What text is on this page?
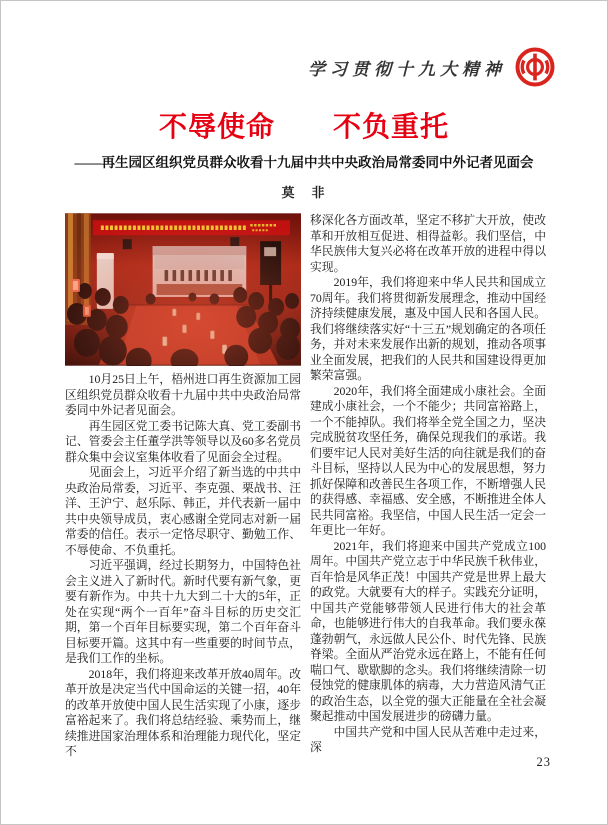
学习贯彻十九大精神
不辱使命　　不负重托
——再生园区组织党员群众收看十九届中共中央政治局常委同中外记者见面会
莫　非

10月25日上午，梧州进口再生资源加工园区组织党员群众收看十九届中共中央政治局常委同中外记者见面会。

再生园区党工委书记陈大真、党工委副书记、管委会主任董学洪等领导以及60多名党员群众集中会议室集体收看了见面会全过程。

见面会上，习近平介绍了新当选的中共中央政治局常委，习近平、李克强、栗战书、汪洋、王沪宁、赵乐际、韩正，并代表新一届中共中央领导成员，衷心感谢全党同志对新一届常委的信任。表示一定恪尽职守、勤勉工作、不辱使命、不负重托。

习近平强调，经过长期努力，中国特色社会主义进入了新时代。新时代要有新气象，更要有新作为。中共十九大到二十大的5年，正处在实现“两个一百年”奋斗目标的历史交汇期，第一个百年目标要实现，第二个百年奋斗目标要开篇。这其中有一些重要的时间节点，是我们工作的坐标。

2018年，我们将迎来改革开放40周年。改革开放是决定当代中国命运的关键一招，40年的改革开放使中国人民生活实现了小康，逐步富裕起来了。我们将总结经验、乘势而上，继续推进国家治理体系和治理能力现代化，坚定不

移深化各方面改革，坚定不移扩大开放，使改革和开放相互促进、相得益彰。我们坚信，中华民族伟大复兴必将在改革开放的进程中得以实现。

2019年，我们将迎来中华人民共和国成立70周年。我们将贯彻新发展理念，推动中国经济持续健康发展，惠及中国人民和各国人民。我们将继续落实好“十三五”规划确定的各项任务，并对未来发展作出新的规划，推动各项事业全面发展，把我们的人民共和国建设得更加繁荣富强。

2020年，我们将全面建成小康社会。全面建成小康社会，一个不能少；共同富裕路上，一个不能掉队。我们将举全党全国之力，坚决完成脱贫攻坚任务，确保兑现我们的承诺。我们要牢记人民对美好生活的向往就是我们的奋斗目标，坚持以人民为中心的发展思想，努力抓好保障和改善民生各项工作，不断增强人民的获得感、幸福感、安全感，不断推进全体人民共同富裕。我坚信，中国人民生活一定会一年更比一年好。

2021年，我们将迎来中国共产党成立100周年。中国共产党立志于中华民族千秋伟业，百年恰是风华正茂！中国共产党是世界上最大的政党。大就要有大的样子。实践充分证明，中国共产党能够带领人民进行伟大的社会革命，也能够进行伟大的自我革命。我们要永葆蓬勃朝气，永远做人民公仆、时代先锋、民族脊梁。全面从严治党永远在路上，不能有任何喘口气、歇歇脚的念头。我们将继续清除一切侵蚀党的健康肌体的病毒，大力营造风清气正的政治生态，以全党的强大正能量在全社会凝聚起推动中国发展进步的磅礴力量。

中国共产党和中国人民从苦难中走过来，深

23
